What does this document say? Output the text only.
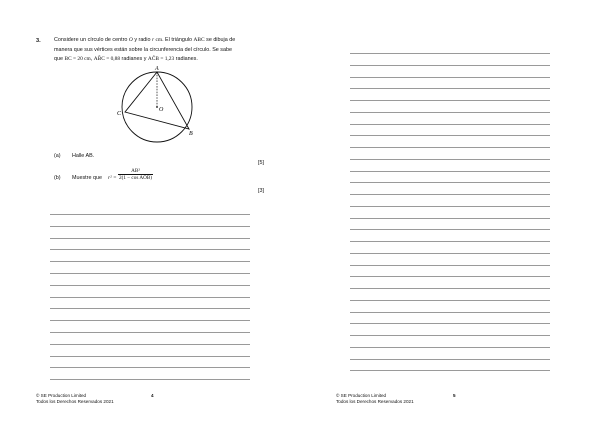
3. Considere un círculo de centro O y radio r cm. El triángulo ABC se dibuja de
manera que sus vértices están sobre la circunferencia del círculo. Se sabe
que BC = 20 cm, AB̂C = 0,88 radianes y AĈB = 1,23 radianes.
A
C
B
O
(a) Halle AB.
[5]
(b) Muestre que r² =
AB²
2(1 − cos AÔB)
[3]
© SE Production Limited
Todos los Derechos Reservados 2021
4	© SE Production Limited
Todos los Derechos Reservados 2021
5
